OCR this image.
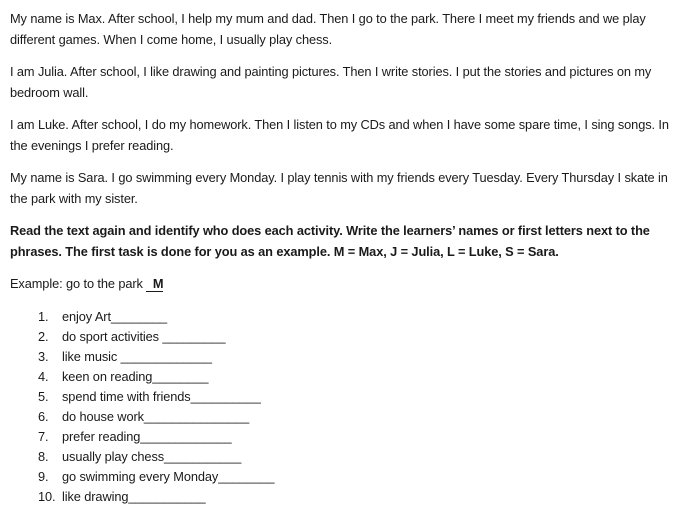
My name is Max. After school, I help my mum and dad. Then I go to the park. There I meet my friends and we play different games. When I come home, I usually play chess.

I am Julia. After school, I like drawing and painting pictures. Then I write stories. I put the stories and pictures on my bedroom wall.

I am Luke. After school, I do my homework. Then I listen to my CDs and when I have some spare time, I sing songs. In the evenings I prefer reading.

My name is Sara. I go swimming every Monday. I play tennis with my friends every Tuesday. Every Thursday I skate in the park with my sister.

Read the text again and identify who does each activity. Write the learners’ names or first letters next to the phrases. The first task is done for you as an example. M = Max, J = Julia, L = Luke, S = Sara.

Example: go to the park M

1.	enjoy Art________
2.	do sport activities _________
3.	like music _____________
4.	keen on reading________
5.	spend time with friends__________
6.	do house work_______________
7.	prefer reading_____________
8.	usually play chess___________
9.	go swimming every Monday________
10. like drawing___________
